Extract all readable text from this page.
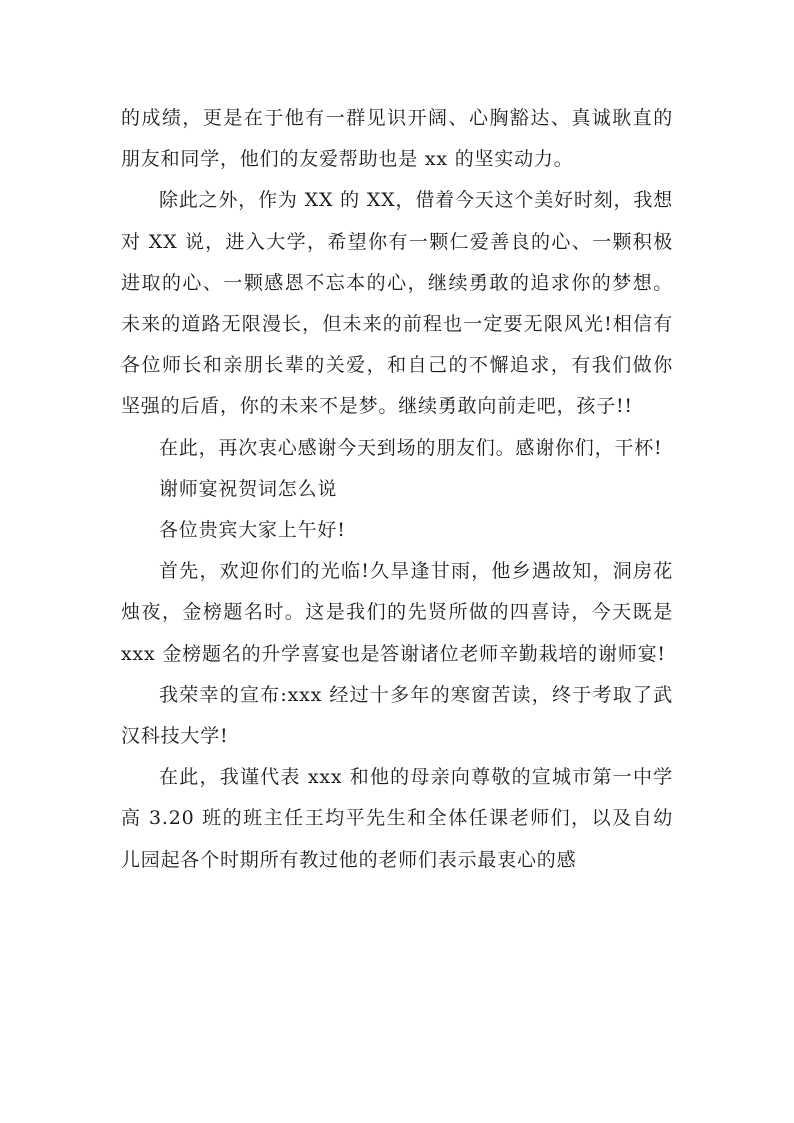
的成绩，更是在于他有一群见识开阔、心胸豁达、真诚耿直的朋友和同学，他们的友爱帮助也是 xx 的坚实动力。

除此之外，作为 XX 的 XX，借着今天这个美好时刻，我想对 XX 说，进入大学，希望你有一颗仁爱善良的心、一颗积极进取的心、一颗感恩不忘本的心，继续勇敢的追求你的梦想。未来的道路无限漫长，但未来的前程也一定要无限风光!相信有各位师长和亲朋长辈的关爱，和自己的不懈追求，有我们做你坚强的后盾，你的未来不是梦。继续勇敢向前走吧，孩子!!

在此，再次衷心感谢今天到场的朋友们。感谢你们，干杯!

谢师宴祝贺词怎么说

各位贵宾大家上午好!

首先，欢迎你们的光临!久旱逢甘雨，他乡遇故知，洞房花烛夜，金榜题名时。这是我们的先贤所做的四喜诗，今天既是 xxx 金榜题名的升学喜宴也是答谢诸位老师辛勤栽培的谢师宴!

我荣幸的宣布:xxx 经过十多年的寒窗苦读，终于考取了武汉科技大学!

在此，我谨代表 xxx 和他的母亲向尊敬的宣城市第一中学高 3.20 班的班主任王均平先生和全体任课老师们，以及自幼儿园起各个时期所有教过他的老师们表示最衷心的感
